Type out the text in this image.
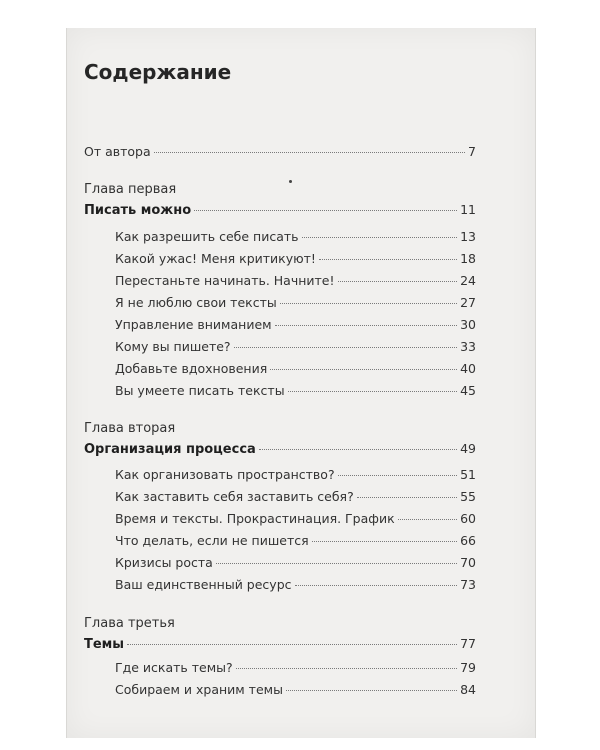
Содержание
От автора	7
Глава первая
Писать можно	11
Как разрешить себе писать	13
Какой ужас! Меня критикуют!	18
Перестаньте начинать. Начните!	24
Я не люблю свои тексты	27
Управление вниманием	30
Кому вы пишете?	33
Добавьте вдохновения	40
Вы умеете писать тексты	45
Глава вторая
Организация процесса	49
Как организовать пространство?	51
Как заставить себя заставить себя?	55
Время и тексты. Прокрастинация. График	60
Что делать, если не пишется	66
Кризисы роста	70
Ваш единственный ресурс	73
Глава третья
Темы	77
Где искать темы?	79
Собираем и храним темы	84
